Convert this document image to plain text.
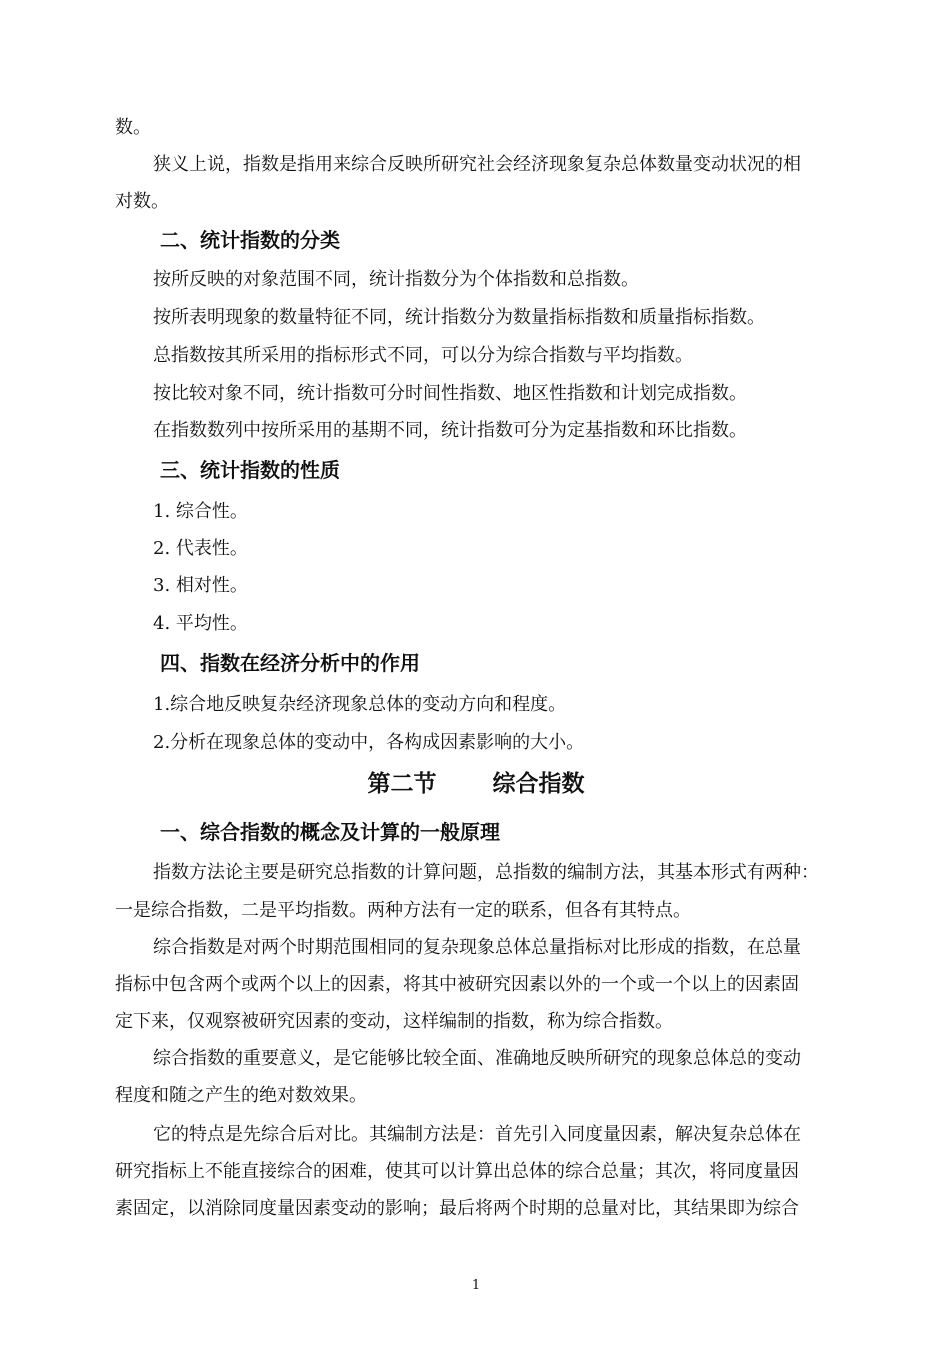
数。

狭义上说，指数是指用来综合反映所研究社会经济现象复杂总体数量变动状况的相

对数。

二、统计指数的分类

按所反映的对象范围不同，统计指数分为个体指数和总指数。

按所表明现象的数量特征不同，统计指数分为数量指标指数和质量指标指数。

总指数按其所采用的指标形式不同，可以分为综合指数与平均指数。

按比较对象不同，统计指数可分时间性指数、地区性指数和计划完成指数。

在指数数列中按所采用的基期不同，统计指数可分为定基指数和环比指数。

三、统计指数的性质

1. 综合性。

2. 代表性。

3. 相对性。

4. 平均性。

四、指数在经济分析中的作用

1.综合地反映复杂经济现象总体的变动方向和程度。

2.分析在现象总体的变动中，各构成因素影响的大小。

第二节       综合指数
一、综合指数的概念及计算的一般原理

指数方法论主要是研究总指数的计算问题，总指数的编制方法，其基本形式有两种：

一是综合指数，二是平均指数。两种方法有一定的联系，但各有其特点。

综合指数是对两个时期范围相同的复杂现象总体总量指标对比形成的指数，在总量

指标中包含两个或两个以上的因素，将其中被研究因素以外的一个或一个以上的因素固

定下来，仅观察被研究因素的变动，这样编制的指数，称为综合指数。

综合指数的重要意义，是它能够比较全面、准确地反映所研究的现象总体总的变动

程度和随之产生的绝对数效果。

它的特点是先综合后对比。其编制方法是：首先引入同度量因素，解决复杂总体在

研究指标上不能直接综合的困难，使其可以计算出总体的综合总量；其次，将同度量因

素固定，以消除同度量因素变动的影响；最后将两个时期的总量对比，其结果即为综合

1
